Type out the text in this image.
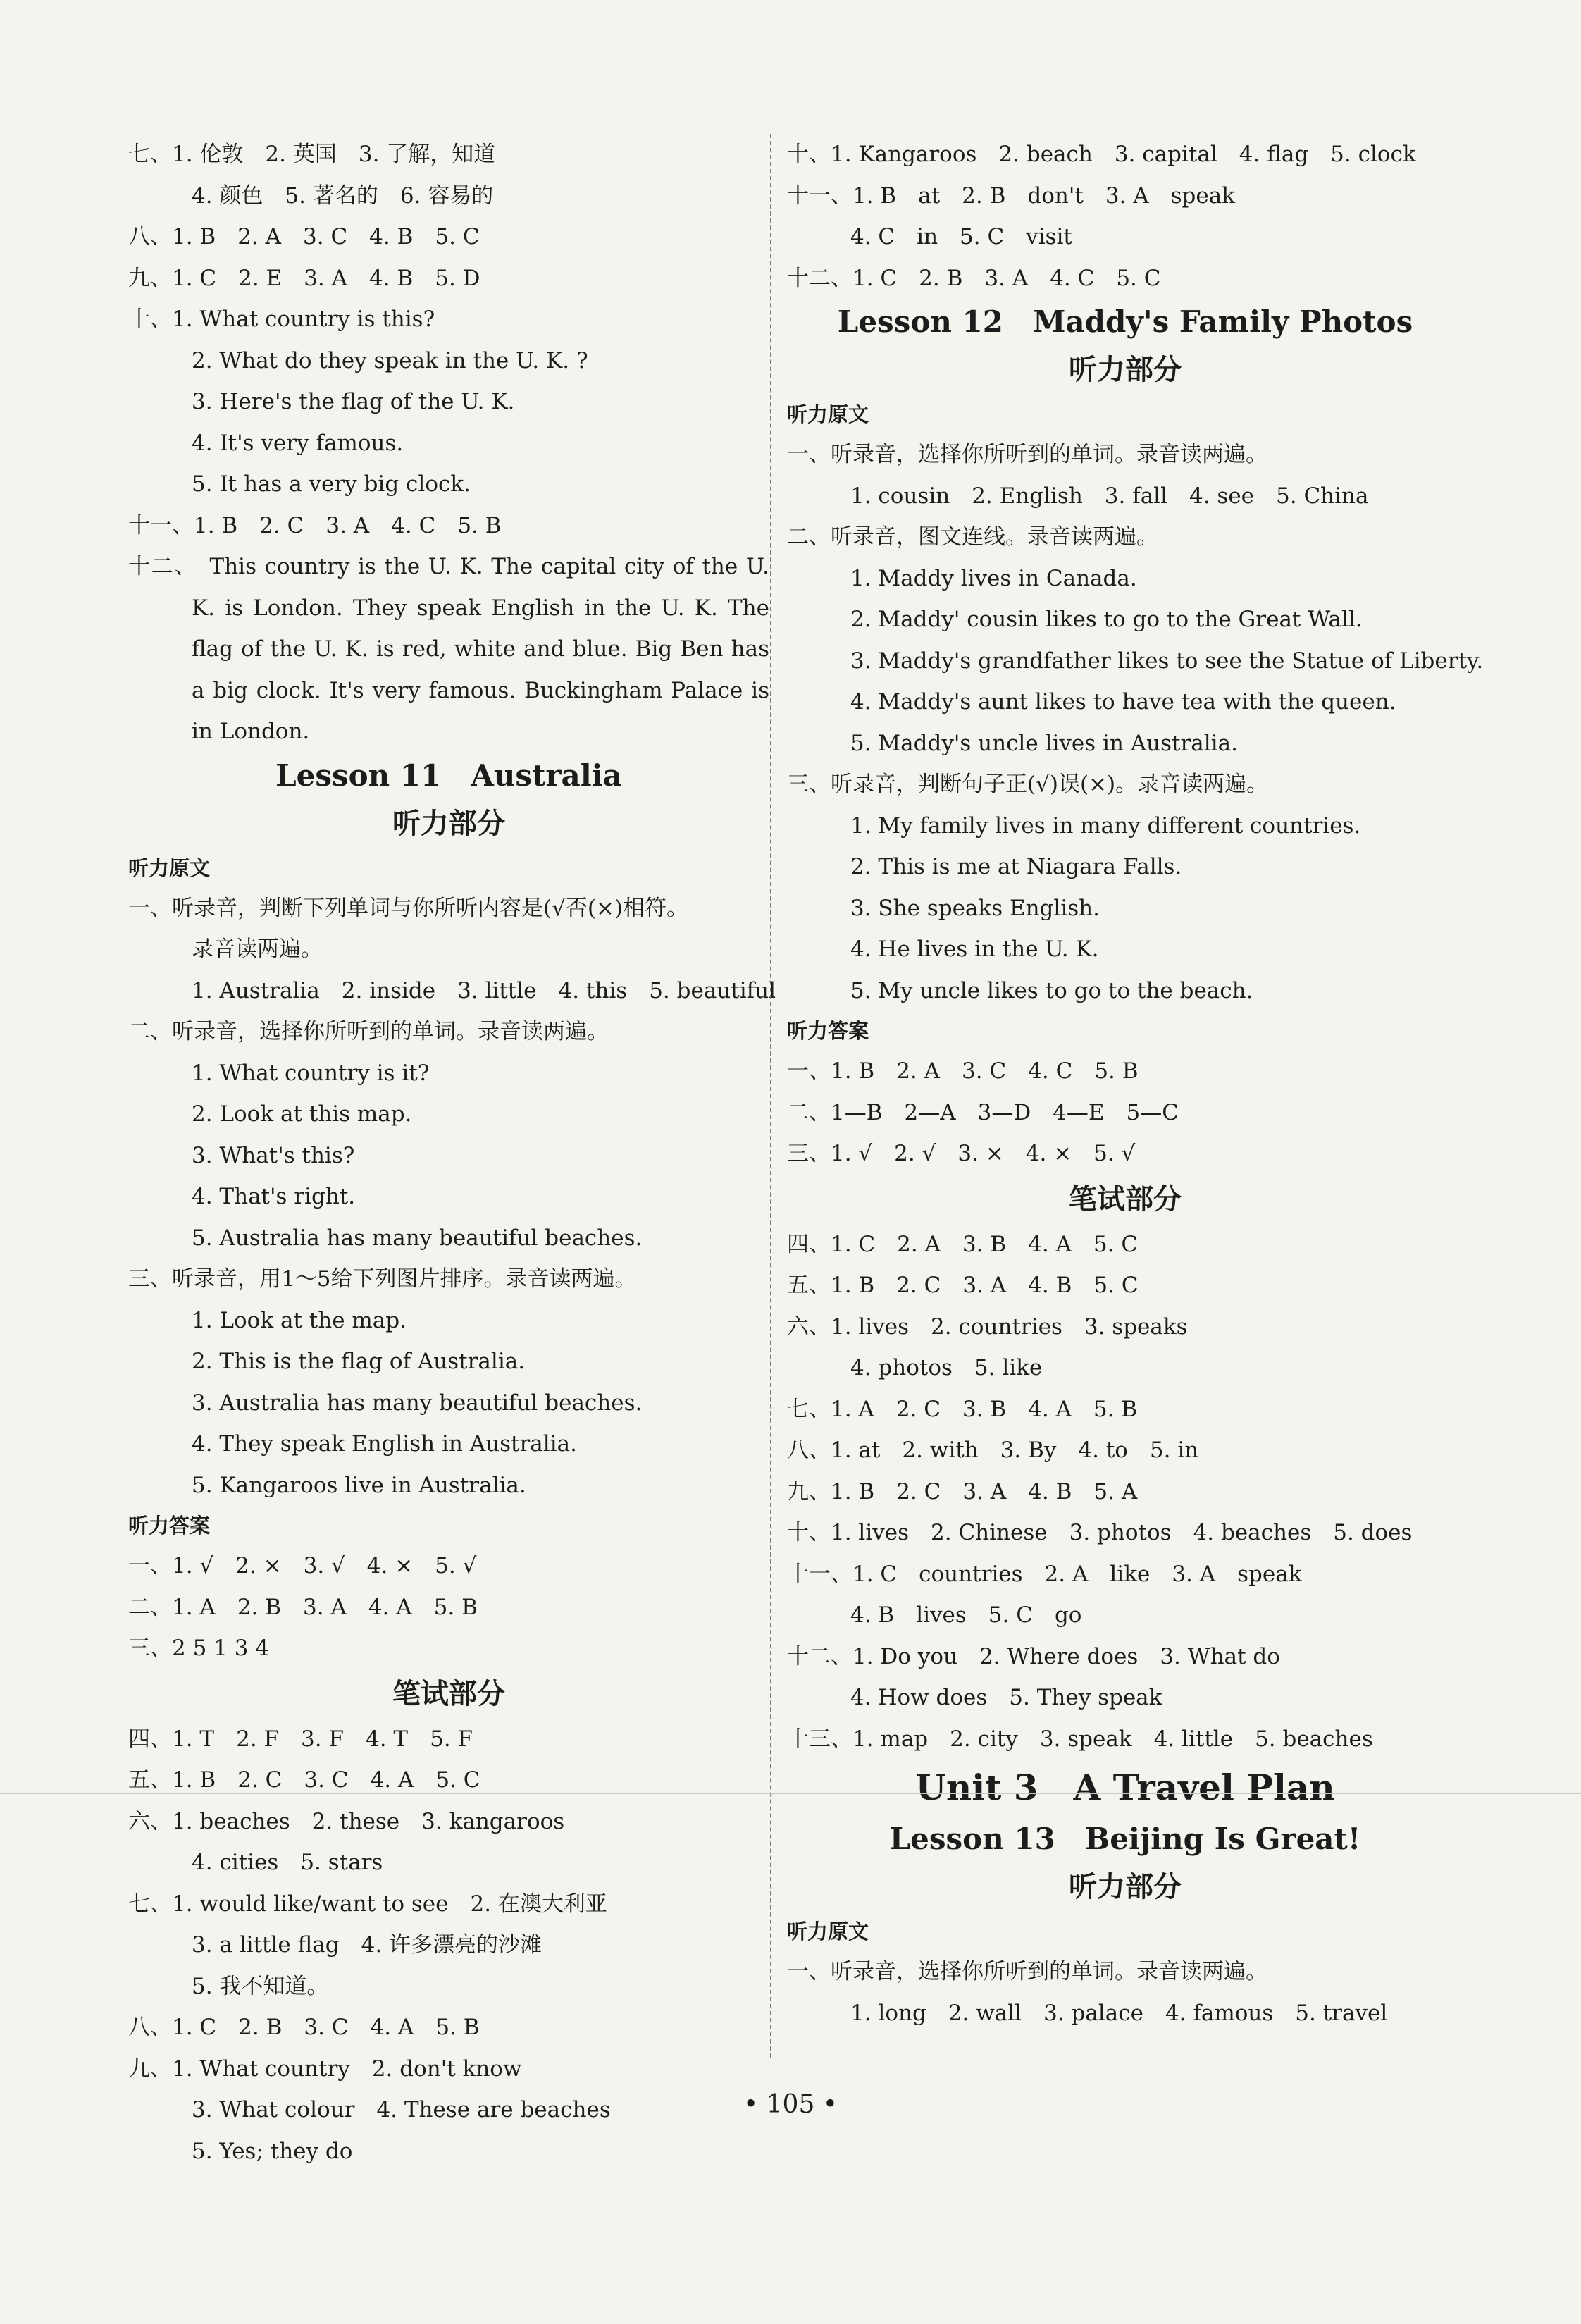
七、1. 伦敦　2. 英国　3. 了解，知道
4. 颜色　5. 著名的　6. 容易的
八、1. B　2. A　3. C　4. B　5. C
九、1. C　2. E　3. A　4. B　5. D
十、1. What country is this?
2. What do they speak in the U. K. ?
3. Here's the flag of the U. K.
4. It's very famous.
5. It has a very big clock.
十一、1. B　2. C　3. A　4. C　5. B
十二、　This country is the U. K. The capital city of the U. K. is London. They speak English in the U. K. The flag of the U. K. is red, white and blue. Big Ben has a big clock. It's very famous. Buckingham Palace is in London.
Lesson 11　Australia
听力部分
听力原文
一、听录音，判断下列单词与你所听内容是(√否(×)相符。
录音读两遍。
1. Australia　2. inside　3. little　4. this　5. beautiful
二、听录音，选择你所听到的单词。录音读两遍。
1. What country is it?
2. Look at this map.
3. What's this?
4. That's right.
5. Australia has many beautiful beaches.
三、听录音，用1～5给下列图片排序。录音读两遍。
1. Look at the map.
2. This is the flag of Australia.
3. Australia has many beautiful beaches.
4. They speak English in Australia.
5. Kangaroos live in Australia.
听力答案
一、1. √　2. ×　3. √　4. ×　5. √
二、1. A　2. B　3. A　4. A　5. B
三、2 5 1 3 4
笔试部分
四、1. T　2. F　3. F　4. T　5. F
五、1. B　2. C　3. C　4. A　5. C
六、1. beaches　2. these　3. kangaroos
4. cities　5. stars
七、1. would like/want to see　2. 在澳大利亚
3. a little flag　4. 许多漂亮的沙滩
5. 我不知道。
八、1. C　2. B　3. C　4. A　5. B
九、1. What country　2. don't know
3. What colour　4. These are beaches
5. Yes; they do
十、1. Kangaroos　2. beach　3. capital　4. flag　5. clock
十一、1. B　at　2. B　don't　3. A　speak
4. C　in　5. C　visit
十二、1. C　2. B　3. A　4. C　5. C
Lesson 12　Maddy's Family Photos
听力部分
听力原文
一、听录音，选择你所听到的单词。录音读两遍。
1. cousin　2. English　3. fall　4. see　5. China
二、听录音，图文连线。录音读两遍。
1. Maddy lives in Canada.
2. Maddy' cousin likes to go to the Great Wall.
3. Maddy's grandfather likes to see the Statue of Liberty.
4. Maddy's aunt likes to have tea with the queen.
5. Maddy's uncle lives in Australia.
三、听录音，判断句子正(√)误(×)。录音读两遍。
1. My family lives in many different countries.
2. This is me at Niagara Falls.
3. She speaks English.
4. He lives in the U. K.
5. My uncle likes to go to the beach.
听力答案
一、1. B　2. A　3. C　4. C　5. B
二、1—B　2—A　3—D　4—E　5—C
三、1. √　2. √　3. ×　4. ×　5. √
笔试部分
四、1. C　2. A　3. B　4. A　5. C
五、1. B　2. C　3. A　4. B　5. C
六、1. lives　2. countries　3. speaks
4. photos　5. like
七、1. A　2. C　3. B　4. A　5. B
八、1. at　2. with　3. By　4. to　5. in
九、1. B　2. C　3. A　4. B　5. A
十、1. lives　2. Chinese　3. photos　4. beaches　5. does
十一、1. C　countries　2. A　like　3. A　speak
4. B　lives　5. C　go
十二、1. Do you　2. Where does　3. What do
4. How does　5. They speak
十三、1. map　2. city　3. speak　4. little　5. beaches
Unit 3　A Travel Plan
Lesson 13　Beijing Is Great!
听力部分
听力原文
一、听录音，选择你所听到的单词。录音读两遍。
1. long　2. wall　3. palace　4. famous　5. travel
• 105 •
